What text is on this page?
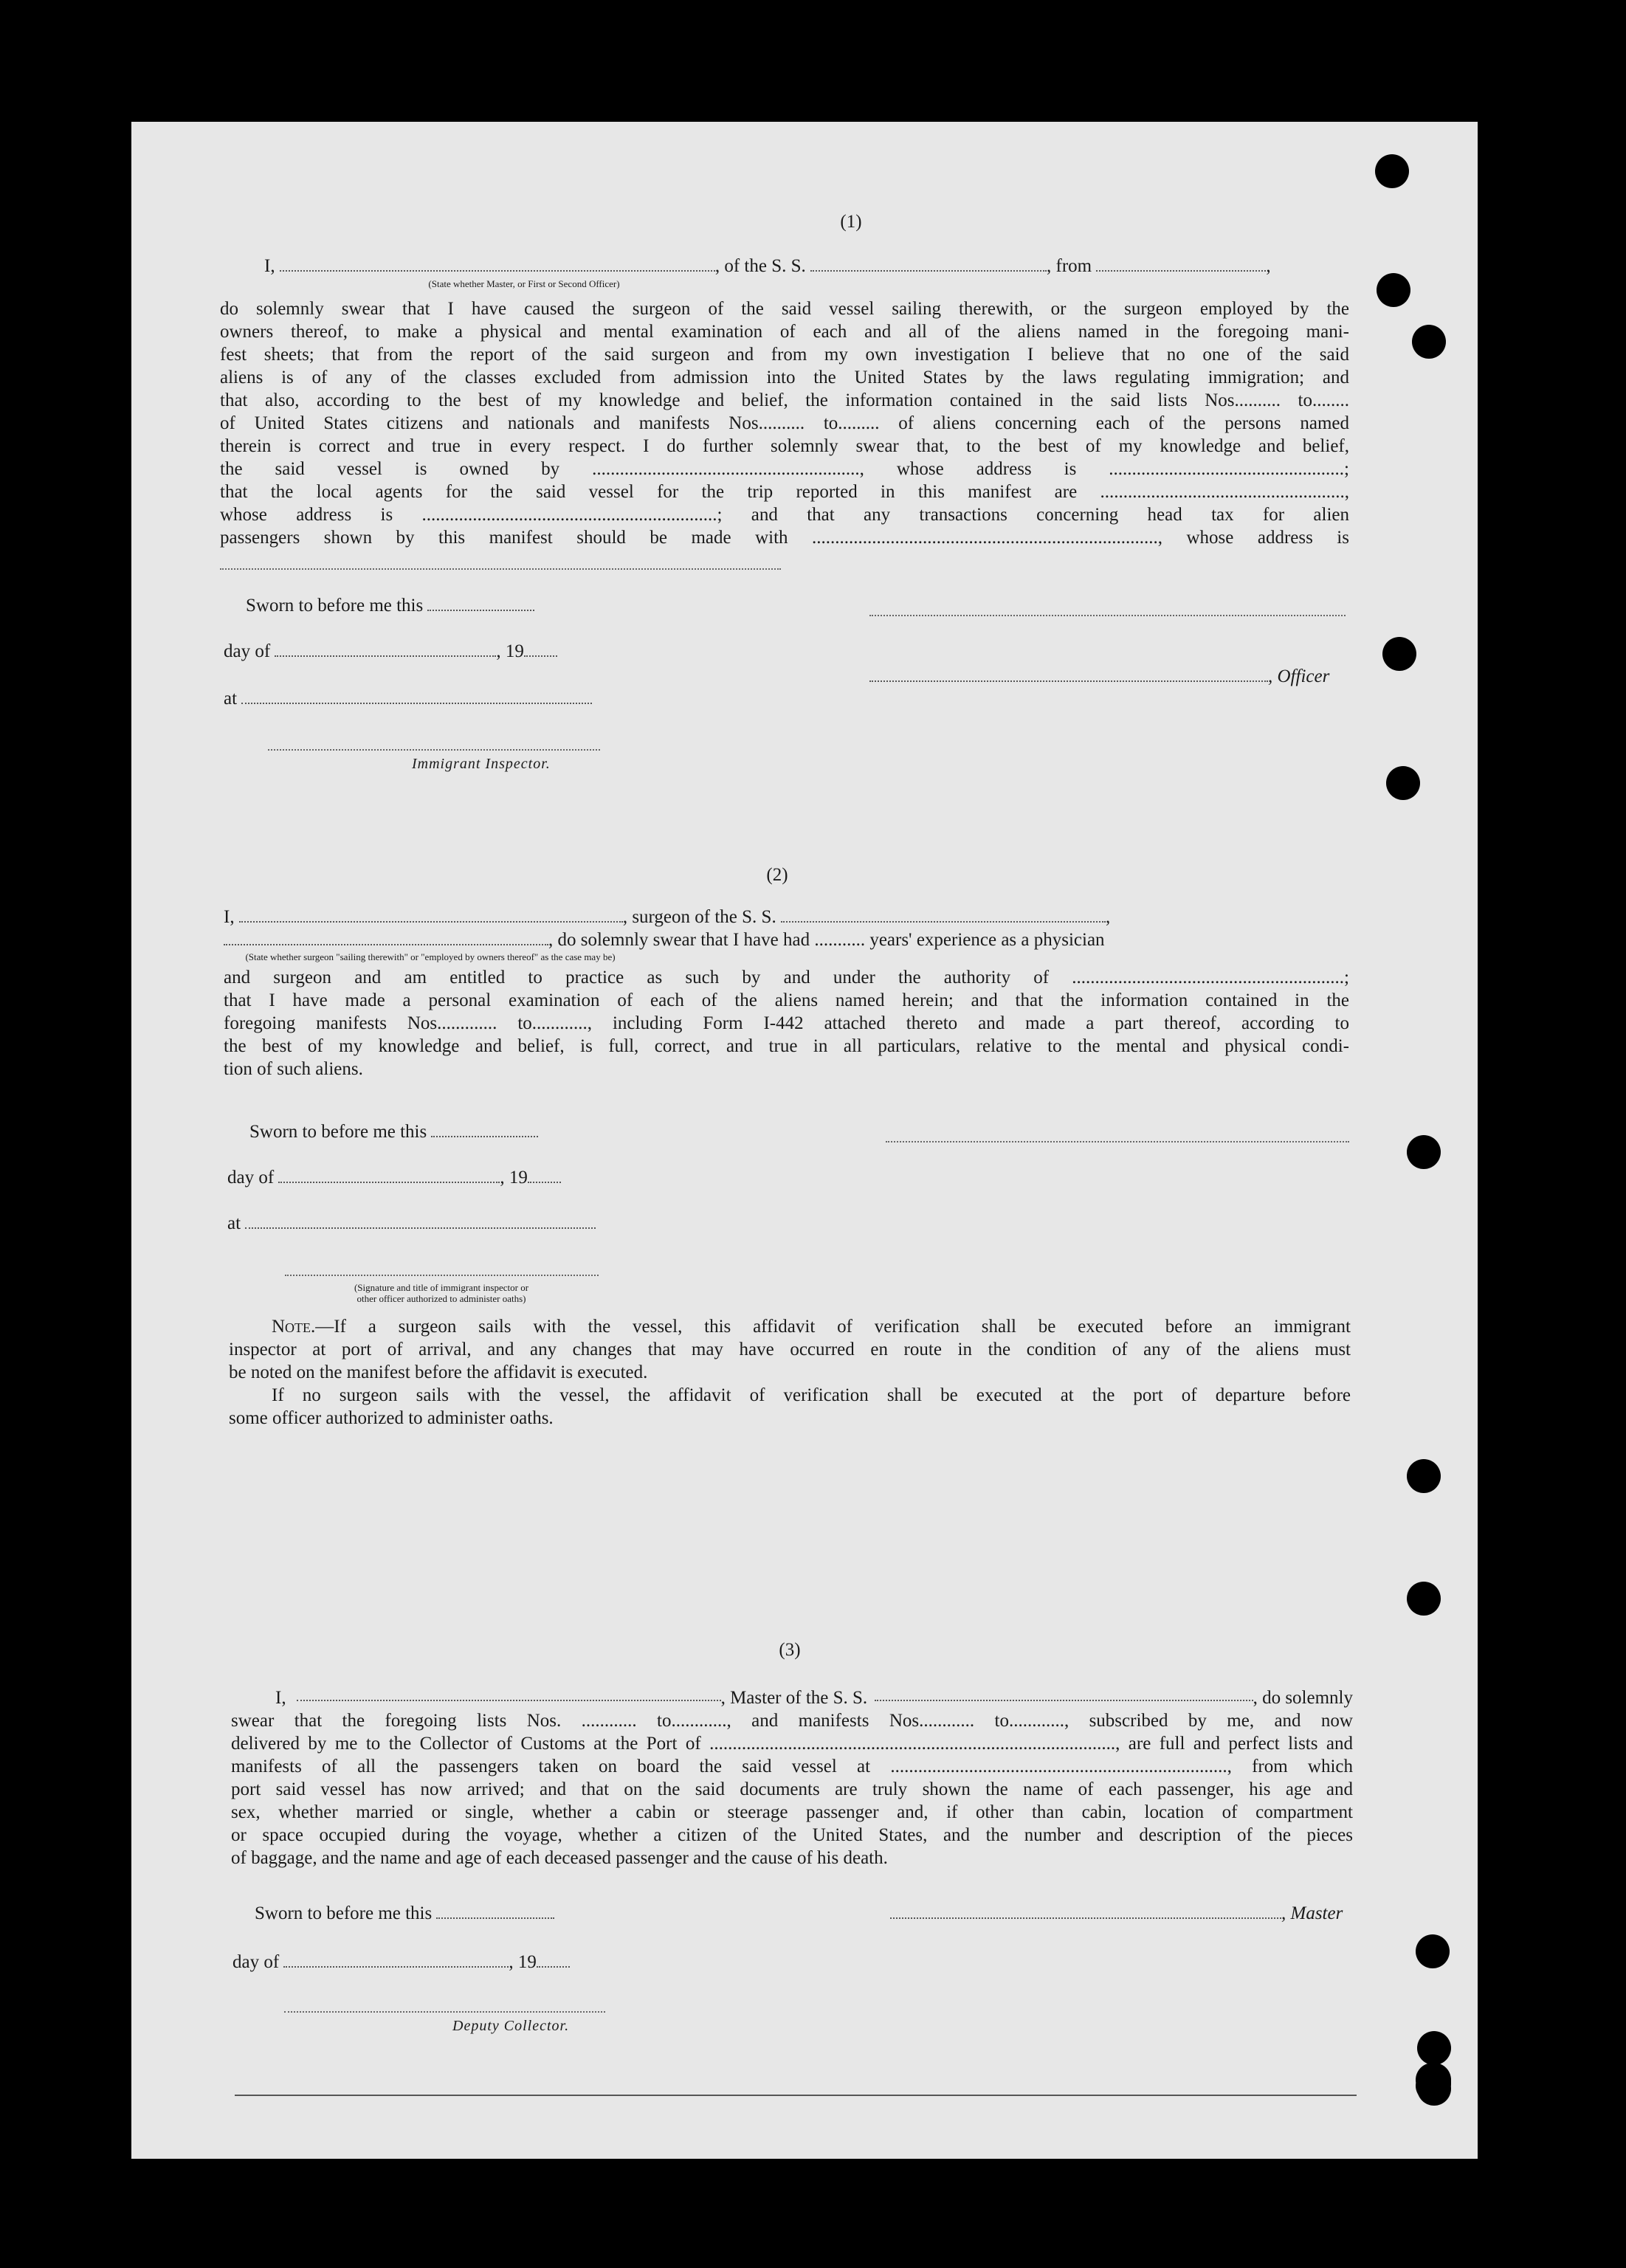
(1)
I,	, of the S. S.	, from	,
(State whether Master, or First or Second Officer)
do solemnly swear that I have caused the surgeon of the said vessel sailing therewith, or the surgeon employed by the
owners thereof, to make a physical and mental examination of each and all of the aliens named in the foregoing mani-
fest sheets; that from the report of the said surgeon and from my own investigation I believe that no one of the said
aliens is of any of the classes excluded from admission into the United States by the laws regulating immigration; and
that also, according to the best of my knowledge and belief, the information contained in the said lists Nos.......... to........
of United States citizens and nationals and manifests Nos.......... to......... of aliens concerning each of the persons named
therein is correct and true in every respect. I do further solemnly swear that, to the best of my knowledge and belief,
the said vessel is owned by .........................................................., whose address is ...................................................;
that the local agents for the said vessel for the trip reported in this manifest are .....................................................,
whose address is ................................................................; and that any transactions concerning head tax for alien
passengers shown by this manifest should be made with ..........................................................................., whose address is
Sworn to before me this
day of	, 19
, Officer
at
Immigrant Inspector.
(2)
I,	, surgeon of the S. S.	,
, do solemnly swear that I have had ........... years' experience as a physician
(State whether surgeon "sailing therewith" or "employed by owners thereof" as the case may be)
and surgeon and am entitled to practice as such by and under the authority of ...........................................................;
that I have made a personal examination of each of the aliens named herein; and that the information contained in the
foregoing manifests Nos............. to............, including Form I-442 attached thereto and made a part thereof, according to
the best of my knowledge and belief, is full, correct, and true in all particulars, relative to the mental and physical condi-
tion of such aliens.
Sworn to before me this
day of	, 19
at
(Signature and title of immigrant inspector or
other officer authorized to administer oaths)
Note. —If a surgeon sails with the vessel, this affidavit of verification shall be executed before an immigrant
inspector at port of arrival, and any changes that may have occurred en route in the condition of any of the aliens must
be noted on the manifest before the affidavit is executed.
If no surgeon sails with the vessel, the affidavit of verification shall be executed at the port of departure before
some officer authorized to administer oaths.
(3)
I,	, Master of the S. S.	, do solemnly
swear that the foregoing lists Nos. ............ to............, and manifests Nos............ to............, subscribed by me, and now
delivered by me to the Collector of Customs at the Port of ........................................................................................, are full and perfect lists and
manifests of all the passengers taken on board the said vessel at ........................................................................., from which
port said vessel has now arrived; and that on the said documents are truly shown the name of each passenger, his age and
sex, whether married or single, whether a cabin or steerage passenger and, if other than cabin, location of compartment
or space occupied during the voyage, whether a citizen of the United States, and the number and description of the pieces
of baggage, and the name and age of each deceased passenger and the cause of his death.
Sworn to before me this	, Master
day of	, 19
Deputy Collector.
